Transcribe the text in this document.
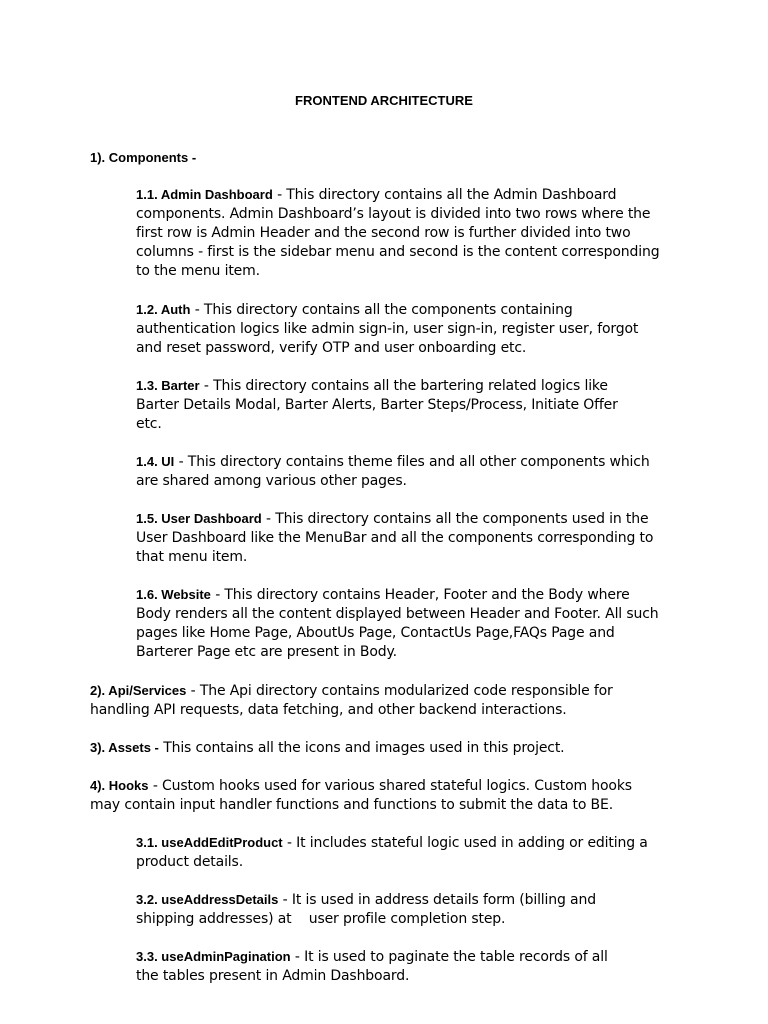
FRONTEND ARCHITECTURE

1). Components -

1.1. Admin Dashboard - This directory contains all the Admin Dashboard
components. Admin Dashboard’s layout is divided into two rows where the
first row is Admin Header and the second row is further divided into two
columns - first is the sidebar menu and second is the content corresponding
to the menu item.

1.2. Auth - This directory contains all the components containing
authentication logics like admin sign-in, user sign-in, register user, forgot
and reset password, verify OTP and user onboarding etc.

1.3. Barter - This directory contains all the bartering related logics like
Barter Details Modal, Barter Alerts, Barter Steps/Process, Initiate Offer
etc.

1.4. UI - This directory contains theme files and all other components which
are shared among various other pages.

1.5. User Dashboard - This directory contains all the components used in the
User Dashboard like the MenuBar and all the components corresponding to
that menu item.

1.6. Website - This directory contains Header, Footer and the Body where
Body renders all the content displayed between Header and Footer. All such
pages like Home Page, AboutUs Page, ContactUs Page,FAQs Page and
Barterer Page etc are present in Body.

2). Api/Services - The Api directory contains modularized code responsible for
handling API requests, data fetching, and other backend interactions.

3). Assets - This contains all the icons and images used in this project.

4). Hooks - Custom hooks used for various shared stateful logics. Custom hooks
may contain input handler functions and functions to submit the data to BE.

3.1. useAddEditProduct - It includes stateful logic used in adding or editing a
product details.

3.2. useAddressDetails - It is used in address details form (billing and
shipping addresses) at    user profile completion step.

3.3. useAdminPagination - It is used to paginate the table records of all
the tables present in Admin Dashboard.
